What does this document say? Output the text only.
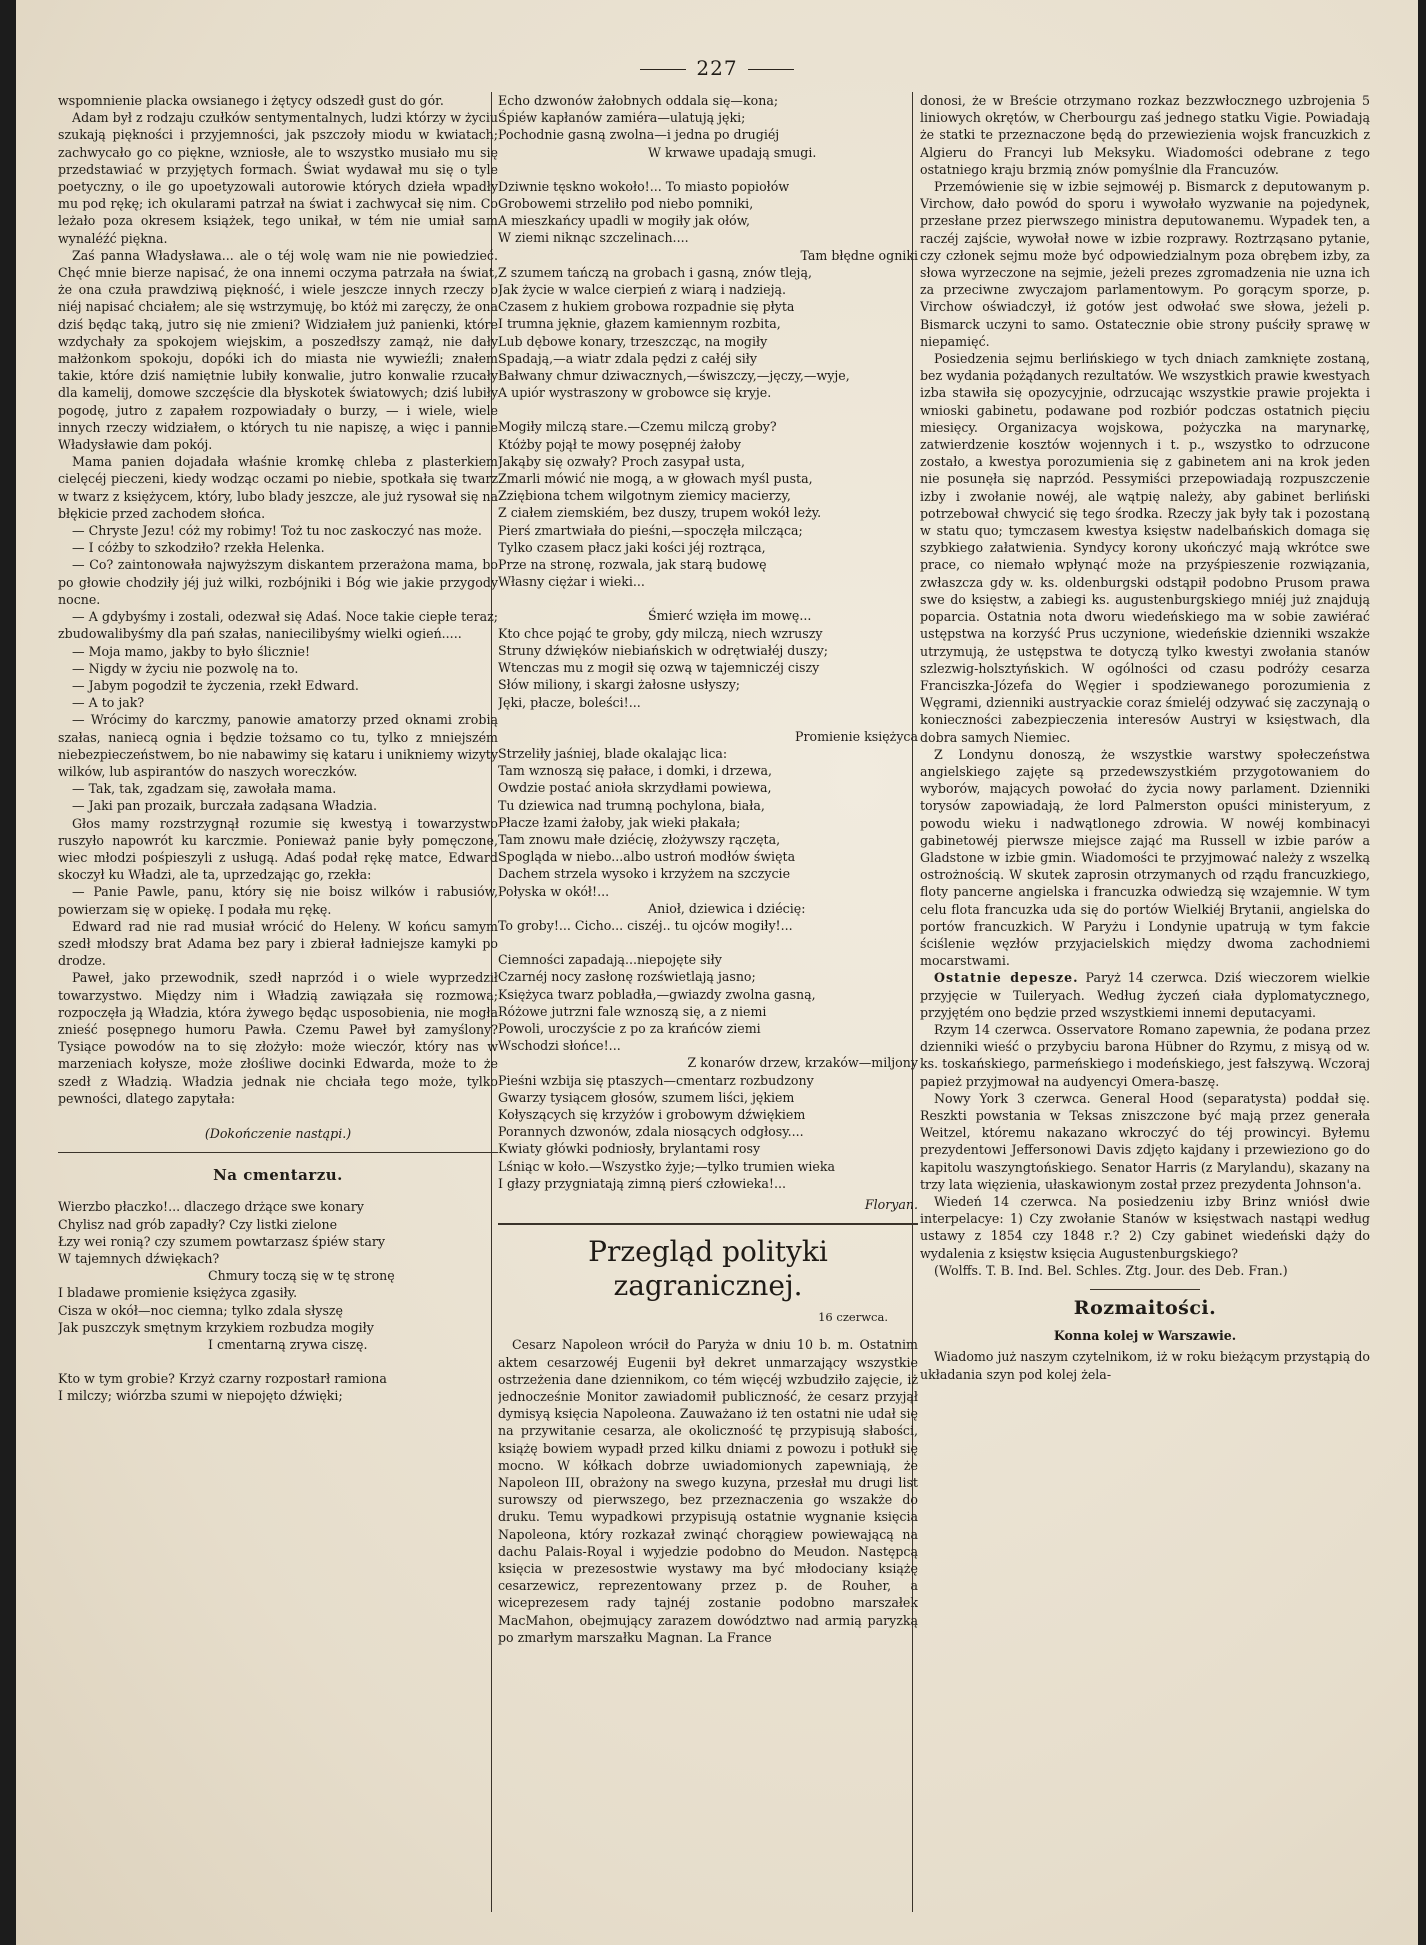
227

wspomnienie placka owsianego i żętycy odszedł gust do gór.

Adam był z rodzaju czułków sentymentalnych, ludzi którzy w życiu szukają piękności i przyjemności, jak pszczoły miodu w kwiatach; zachwycało go co piękne, wzniosłe, ale to wszystko musiało mu się przedstawiać w przyjętych formach. Świat wydawał mu się o tyle poetyczny, o ile go upoetyzowali autorowie których dzieła wpadły mu pod rękę; ich okularami patrzał na świat i zachwycał się nim. Co leżało poza okresem książek, tego unikał, w tém nie umiał sam wynaléźć piękna.

Zaś panna Władysława... ale o téj wolę wam nie nie powiedzieć. Chęć mnie bierze napisać, że ona innemi oczyma patrzała na świat, że ona czuła prawdziwą piękność, i wiele jeszcze innych rzeczy o niéj napisać chciałem; ale się wstrzymuję, bo któż mi zaręczy, że ona dziś będąc taką, jutro się nie zmieni? Widziałem już panienki, które wzdychały za spokojem wiejskim, a poszedłszy zamąż, nie dały małżonkom spokoju, dopóki ich do miasta nie wywieźli; znałem takie, które dziś namiętnie lubiły konwalie, jutro konwalie rzucały dla kamelij, domowe szczęście dla błyskotek światowych; dziś lubiły pogodę, jutro z zapałem rozpowiadały o burzy, — i wiele, wiele innych rzeczy widziałem, o których tu nie napiszę, a więc i pannie Władysławie dam pokój.

Mama panien dojadała właśnie kromkę chleba z plasterkiem cielęcéj pieczeni, kiedy wodząc oczami po niebie, spotkała się twarz w twarz z księżycem, który, lubo blady jeszcze, ale już rysował się na błękicie przed zachodem słońca.

— Chryste Jezu! cóż my robimy! Toż tu noc zaskoczyć nas może.

— I cóżby to szkodziło? rzekła Helenka.

— Co? zaintonowała najwyższym diskantem przerażona mama, bo po głowie chodziły jéj już wilki, rozbójniki i Bóg wie jakie przygody nocne.

— A gdybyśmy i zostali, odezwał się Adaś. Noce takie ciepłe teraz; zbudowalibyśmy dla pań szałas, naniecilibyśmy wielki ogień.....

— Moja mamo, jakby to było ślicznie!

— Nigdy w życiu nie pozwolę na to.

— Jabym pogodził te życzenia, rzekł Edward.

— A to jak?

— Wrócimy do karczmy, panowie amatorzy przed oknami zrobią szałas, naniecą ognia i będzie tożsamo co tu, tylko z mniejszém niebezpieczeństwem, bo nie nabawimy się kataru i unikniemy wizyty wilków, lub aspirantów do naszych woreczków.

— Tak, tak, zgadzam się, zawołała mama.

— Jaki pan prozaik, burczała zadąsana Władzia.

Głos mamy rozstrzygnął rozumie się kwestyą i towarzystwo ruszyło napowrót ku karczmie. Ponieważ panie były pomęczone, wiec młodzi pośpieszyli z usługą. Adaś podał rękę matce, Edward skoczył ku Władzi, ale ta, uprzedzając go, rzekła:

— Panie Pawle, panu, który się nie boisz wilków i rabusiów, powierzam się w opiekę. I podała mu rękę.

Edward rad nie rad musiał wrócić do Heleny. W końcu samym szedł młodszy brat Adama bez pary i zbierał ładniejsze kamyki po drodze.

Paweł, jako przewodnik, szedł naprzód i o wiele wyprzedził towarzystwo. Między nim i Władzią zawiązała się rozmowa; rozpoczęła ją Władzia, która żywego będąc usposobienia, nie mogła znieść posępnego humoru Pawła. Czemu Paweł był zamyślony? Tysiące powodów na to się złożyło: może wieczór, który nas w marzeniach kołysze, może złośliwe docinki Edwarda, może to że szedł z Władzią. Władzia jednak nie chciała tego może, tylko pewności, dlatego zapytała:

(Dokończenie nastąpi.)
Na cmentarzu.

Wierzbo płaczko!... dlaczego drżące swe konary

Chylisz nad grób zapadły? Czy listki zielone

Łzy wei ronią? czy szumem powtarzasz śpiéw stary

W tajemnych dźwiękach?

Chmury toczą się w tę stronę

I bladawe promienie księżyca zgasiły.

Cisza w okół—noc ciemna; tylko zdala słyszę

Jak puszczyk smętnym krzykiem rozbudza mogiły

I cmentarną zrywa ciszę.

Kto w tym grobie? Krzyż czarny rozpostarł ramiona

I milczy; wiórzba szumi w niepojęto dźwięki;

Echo dzwonów żałobnych oddala się—kona;

Śpiéw kapłanów zamiéra—ulatują jęki;

Pochodnie gasną zwolna—i jedna po drugiéj

W krwawe upadają smugi.

Dziwnie tęskno wokoło!... To miasto popiołów

Grobowemi strzeliło pod niebo pomniki,

A mieszkańcy upadli w mogiły jak ołów,

W ziemi niknąc szczelinach....

Tam błędne ogniki

Z szumem tańczą na grobach i gasną, znów tleją,

Jak życie w walce cierpień z wiarą i nadzieją.

Czasem z hukiem grobowa rozpadnie się płyta

I trumna jęknie, głazem kamiennym rozbita,

Lub dębowe konary, trzeszcząc, na mogiły

Spadają,—a wiatr zdala pędzi z całéj siły

Bałwany chmur dziwacznych,—świszczy,—jęczy,—wyje,

A upiór wystraszony w grobowce się kryje.

Mogiły milczą stare.—Czemu milczą groby?

Któżby pojął te mowy posępnéj żałoby

Jakąby się ozwały? Proch zasypał usta,

Zmarli mówić nie mogą, a w głowach myśl pusta,

Zziębiona tchem wilgotnym ziemicy macierzy,

Z ciałem ziemskiém, bez duszy, trupem wokół leży.

Pierś zmartwiała do pieśni,—spoczęła milcząca;

Tylko czasem płacz jaki kości jéj roztrąca,

Prze na stronę, rozwala, jak starą budowę

Własny ciężar i wieki...

Śmierć wzięła im mowę...

Kto chce pojąć te groby, gdy milczą, niech wzruszy

Struny dźwięków niebiańskich w odrętwiałéj duszy;

Wtenczas mu z mogił się ozwą w tajemniczéj ciszy

Słów miliony, i skargi żałosne usłyszy;

Jęki, płacze, boleści!...

Promienie księżyca

Strzeliły jaśniej, blade okalając lica:

Tam wznoszą się pałace, i domki, i drzewa,

Owdzie postać anioła skrzydłami powiewa,

Tu dziewica nad trumną pochylona, biała,

Płacze łzami żałoby, jak wieki płakała;

Tam znowu małe dziécię, złożywszy rączęta,

Spogląda w niebo...albo ustroń modłów święta

Dachem strzela wysoko i krzyżem na szczycie

Połyska w okół!...

Anioł, dziewica i dziécię:

To groby!... Cicho... ciszéj.. tu ojców mogiły!...

Ciemności zapadają...niepojęte siły

Czarnéj nocy zasłonę rozświetlają jasno;

Księżyca twarz pobladła,—gwiazdy zwolna gasną,

Różowe jutrzni fale wznoszą się, a z niemi

Powoli, uroczyście z po za krańców ziemi

Wschodzi słońce!...

Z konarów drzew, krzaków—miljony

Pieśni wzbija się ptaszych—cmentarz rozbudzony

Gwarzy tysiącem głosów, szumem liści, jękiem

Kołyszących się krzyżów i grobowym dźwiękiem

Porannych dzwonów, zdala niosących odgłosy....

Kwiaty główki podniosły, brylantami rosy

Lśniąc w koło.—Wszystko żyje;—tylko trumien wieka

I głazy przygniatają zimną pierś człowieka!...

Floryan.
Przegląd polityki zagranicznej.
16 czerwca.

Cesarz Napoleon wrócił do Paryża w dniu 10 b. m. Ostatnim aktem cesarzowéj Eugenii był dekret unmarzający wszystkie ostrzeżenia dane dziennikom, co tém więcéj wzbudziło zajęcie, iż jednocześnie Monitor zawiadomił publiczność, że cesarz przyjął dymisyą księcia Napoleona. Zauważano iż ten ostatni nie udał się na przywitanie cesarza, ale okoliczność tę przypisują słabości, książę bowiem wypadł przed kilku dniami z powozu i potłukł się mocno. W kółkach dobrze uwiadomionych zapewniają, że Napoleon III, obrażony na swego kuzyna, przesłał mu drugi list surowszy od pierwszego, bez przeznaczenia go wszakże do druku. Temu wypadkowi przypisują ostatnie wygnanie księcia Napoleona, który rozkazał zwinąć chorągiew powiewającą na dachu Palais-Royal i wyjedzie podobno do Meudon. Następcą księcia w prezesostwie wystawy ma być młodociany książę cesarzewicz, reprezentowany przez p. de Rouher, a wiceprezesem rady tajnéj zostanie podobno marszałek MacMahon, obejmujący zarazem dowództwo nad armią paryzką po zmarłym marszałku Magnan. La France

donosi, że w Breście otrzymano rozkaz bezzwłocznego uzbrojenia 5 liniowych okrętów, w Cherbourgu zaś jednego statku Vigie. Powiadają że statki te przeznaczone będą do przewiezienia wojsk francuzkich z Algieru do Francyi lub Meksyku. Wiadomości odebrane z tego ostatniego kraju brzmią znów pomyślnie dla Francuzów.

Przemówienie się w izbie sejmowéj p. Bismarck z deputowanym p. Virchow, dało powód do sporu i wywołało wyzwanie na pojedynek, przesłane przez pierwszego ministra deputowanemu. Wypadek ten, a raczéj zajście, wywołał nowe w izbie rozprawy. Roztrząsano pytanie, czy członek sejmu może być odpowiedzialnym poza obrębem izby, za słowa wyrzeczone na sejmie, jeżeli prezes zgromadzenia nie uzna ich za przeciwne zwyczajom parlamentowym. Po gorącym sporze, p. Virchow oświadczył, iż gotów jest odwołać swe słowa, jeżeli p. Bismarck uczyni to samo. Ostatecznie obie strony puściły sprawę w niepamięć.

Posiedzenia sejmu berlińskiego w tych dniach zamknięte zostaną, bez wydania pożądanych rezultatów. We wszystkich prawie kwestyach izba stawiła się opozycyjnie, odrzucając wszystkie prawie projekta i wnioski gabinetu, podawane pod rozbiór podczas ostatnich pięciu miesięcy. Organizacya wojskowa, pożyczka na marynarkę, zatwierdzenie kosztów wojennych i t. p., wszystko to odrzucone zostało, a kwestya porozumienia się z gabinetem ani na krok jeden nie posunęła się naprzód. Pessymiści przepowiadają rozpuszczenie izby i zwołanie nowéj, ale wątpię należy, aby gabinet berliński potrzebował chwycić się tego środka. Rzeczy jak były tak i pozostaną w statu quo; tymczasem kwestya księstw nadelbańskich domaga się szybkiego załatwienia. Syndycy korony ukończyć mają wkrótce swe prace, co niemało wpłynąć może na przyśpieszenie rozwiązania, zwłaszcza gdy w. ks. oldenburgski odstąpił podobno Prusom prawa swe do księstw, a zabiegi ks. augustenburgskiego mniéj już znajdują poparcia. Ostatnia nota dworu wiedeńskiego ma w sobie zawiérać ustępstwa na korzyść Prus uczynione, wiedeńskie dzienniki wszakże utrzymują, że ustępstwa te dotyczą tylko kwestyi zwołania stanów szlezwig-holsztyńskich. W ogólności od czasu podróży cesarza Franciszka-Józefa do Węgier i spodziewanego porozumienia z Węgrami, dzienniki austryackie coraz śmieléj odzywać się zaczynają o konieczności zabezpieczenia interesów Austryi w księstwach, dla dobra samych Niemiec.

Z Londynu donoszą, że wszystkie warstwy społeczeństwa angielskiego zajęte są przedewszystkiém przygotowaniem do wyborów, mających powołać do życia nowy parlament. Dzienniki torysów zapowiadają, że lord Palmerston opuści ministeryum, z powodu wieku i nadwątlonego zdrowia. W nowéj kombinacyi gabinetowéj pierwsze miejsce zająć ma Russell w izbie parów a Gladstone w izbie gmin. Wiadomości te przyjmować należy z wszelką ostrożnością. W skutek zaprosin otrzymanych od rządu francuzkiego, floty pancerne angielska i francuzka odwiedzą się wzajemnie. W tym celu flota francuzka uda się do portów Wielkiéj Brytanii, angielska do portów francuzkich. W Paryżu i Londynie upatrują w tym fakcie ściślenie węzłów przyjacielskich między dwoma zachodniemi mocarstwami.

Ostatnie depesze. Paryż 14 czerwca. Dziś wieczorem wielkie przyjęcie w Tuileryach. Według życzeń ciała dyplomatycznego, przyjętém ono będzie przed wszystkiemi innemi deputacyami.

Rzym 14 czerwca. Osservatore Romano zapewnia, że podana przez dzienniki wieść o przybyciu barona Hübner do Rzymu, z misyą od w. ks. toskańskiego, parmeńskiego i modeńskiego, jest fałszywą. Wczoraj papież przyjmował na audyencyi Omera-baszę.

Nowy York 3 czerwca. General Hood (separatysta) poddał się. Reszkti powstania w Teksas zniszczone być mają przez generała Weitzel, któremu nakazano wkroczyć do téj prowincyi. Byłemu prezydentowi Jeffersonowi Davis zdjęto kajdany i przewieziono go do kapitolu waszyngtońskiego. Senator Harris (z Marylandu), skazany na trzy lata więzienia, ułaskawionym został przez prezydenta Johnson'a.

Wiedeń 14 czerwca. Na posiedzeniu izby Brinz wniósł dwie interpelacye: 1) Czy zwołanie Stanów w księstwach nastąpi według ustawy z 1854 czy 1848 r.? 2) Czy gabinet wiedeński dąży do wydalenia z księstw księcia Augustenburgskiego?

(Wolffs. T. B. Ind. Bel. Schles. Ztg. Jour. des Deb. Fran.)

Rozmaitości.
Konna kolej w Warszawie.

Wiadomo już naszym czytelnikom, iż w roku bieżącym przystąpią do układania szyn pod kolej żela-
